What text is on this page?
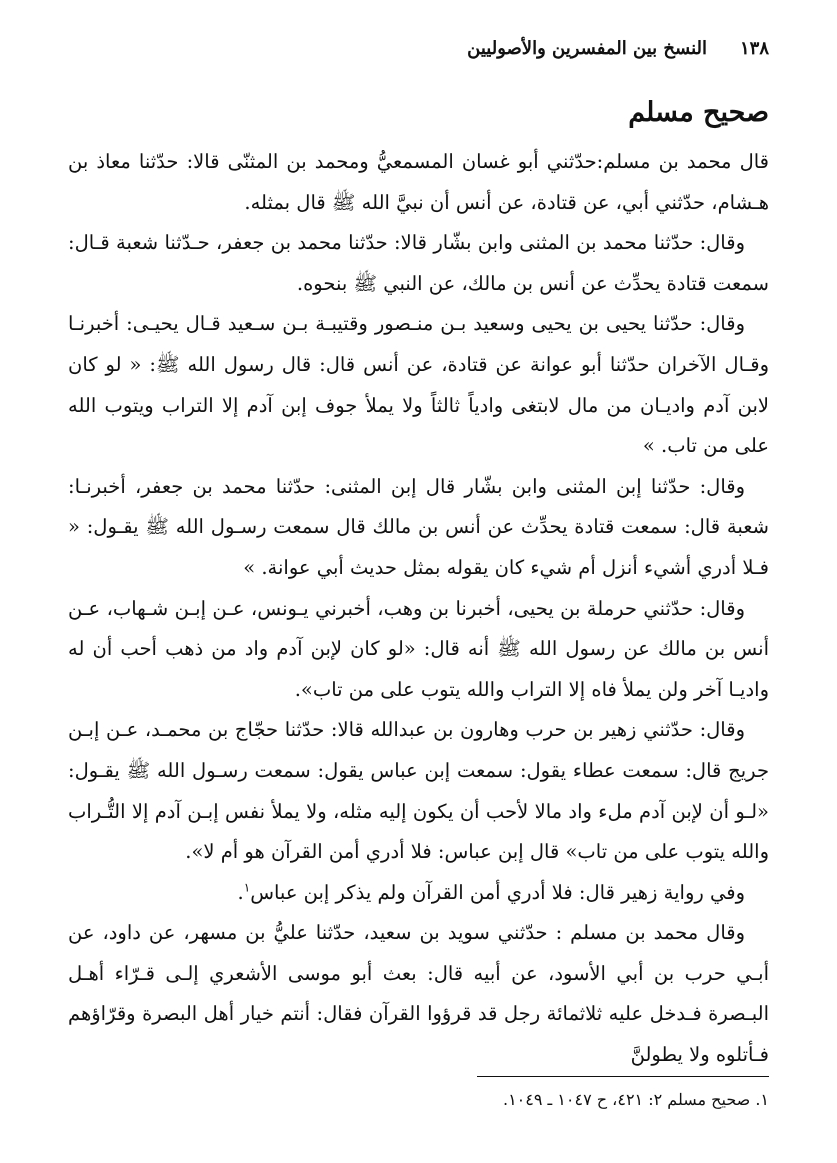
١٣٨
النسخ بين المفسرين والأصوليين
صحيح مسلم

قال محمد بن مسلم:حدّثني أبو غسان المسمعيُّ ومحمد بن المثنّى قالا: حدّثنا معاذ بن هـشام، حدّثني أبي، عن قتادة، عن أنس أن نبيَّ الله ﷺ قال بمثله.

وقال: حدّثنا محمد بن المثنى وابن بشّار قالا: حدّثنا محمد بن جعفر، حـدّثنا شعبة قـال: سمعت قتادة يحدِّث عن أنس بن مالك، عن النبي ﷺ بنحوه.

وقال: حدّثنا يحيى بن يحيى وسعيد بـن منـصور وقتيبـة بـن سـعيد قـال يحيـى: أخبرنـا وقـال الآخران حدّثنا أبو عوانة عن قتادة، عن أنس قال: قال رسول الله ﷺ: « لو كان لابن آدم واديـان من مال لابتغى وادياً ثالثاً ولا يملأ جوف إبن آدم إلا التراب ويتوب الله على من تاب. »

وقال: حدّثنا إبن المثنى وابن بشّار قال إبن المثنى: حدّثنا محمد بن جعفر، أخبرنـا: شعبة قال: سمعت قتادة يحدِّث عن أنس بن مالك قال سمعت رسـول الله ﷺ يقـول: « فـلا أدري أشيء أنزل أم شيء كان يقوله بمثل حديث أبي عوانة. »

وقال: حدّثني حرملة بن يحيى، أخبرنا بن وهب، أخبرني يـونس، عـن إبـن شـهاب، عـن أنس بن مالك عن رسول الله ﷺ أنه قال: «لو كان لإبن آدم واد من ذهب أحب أن له واديـا آخر ولن يملأ فاه إلا التراب والله يتوب على من تاب».

وقال: حدّثني زهير بن حرب وهارون بن عبدالله قالا: حدّثنا حجّاج بن محمـد، عـن إبـن جريج قال: سمعت عطاء يقول: سمعت إبن عباس يقول: سمعت رسـول الله ﷺ يقـول: «لـو أن لإبن آدم ملء واد مالا لأحب أن يكون إليه مثله، ولا يملأ نفس إبـن آدم إلا التُّـراب والله يتوب على من تاب» قال إبن عباس: فلا أدري أمن القرآن هو أم لا».

وفي رواية زهير قال: فلا أدري أمن القرآن ولم يذكر إبن عباس$^١$.

وقال محمد بن مسلم : حدّثني سويد بن سعيد، حدّثنا عليُّ بن مسهر، عن داود، عن أبـي حرب بن أبي الأسود، عن أبيه قال: بعث أبو موسى الأشعري إلـى قـرّاء أهـل البـصرة فـدخل عليه ثلاثمائة رجل قد قرؤوا القرآن فقال: أنتم خيار أهل البصرة وقرّاؤهم فـأتلوه ولا يطولنَّ

١. صحيح مسلم ٢: ٤٢١، ح ١٠٤٧ ـ ١٠٤٩.
